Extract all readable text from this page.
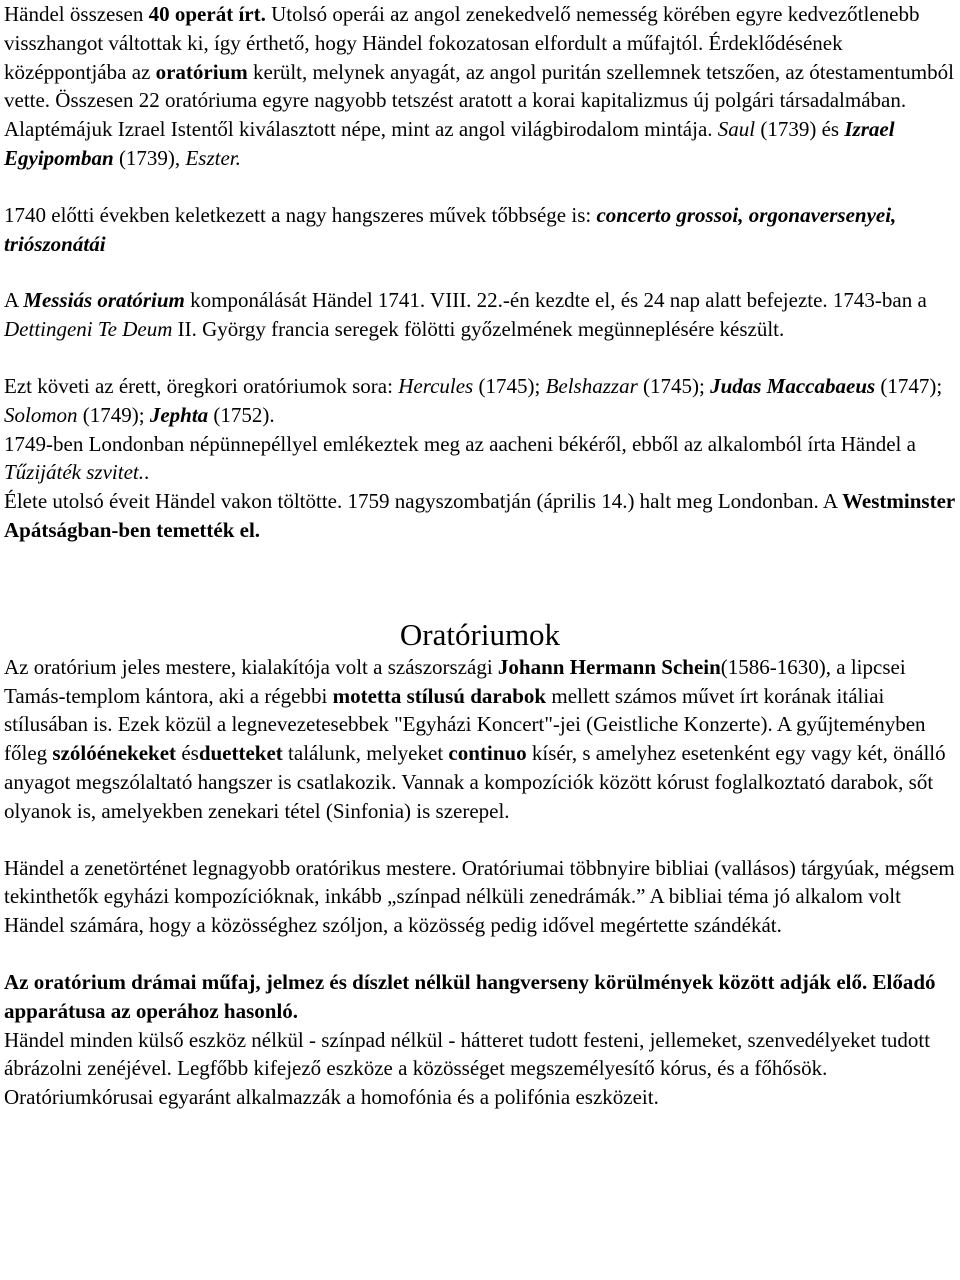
Händel összesen 40 operát írt. Utolsó operái az angol zenekedvelő nemesség körében egyre kedvezőtlenebb visszhangot váltottak ki, így érthető, hogy Händel fokozatosan elfordult a műfajtól. Érdeklődésének középpontjába az oratórium került, melynek anyagát, az angol puritán szellemnek tetszően, az ótestamentumból vette. Összesen 22 oratóriuma egyre nagyobb tetszést aratott a korai kapitalizmus új polgári társadalmában. Alaptémájuk Izrael Istentől kiválasztott népe, mint az angol világbirodalom mintája. Saul (1739) és Izrael Egyipomban (1739), Eszter.

1740 előtti években keletkezett a nagy hangszeres művek tőbbsége is: concerto grossoi, orgonaversenyei, triószonátái

A Messiás oratórium komponálását Händel 1741. VIII. 22.-én kezdte el, és 24 nap alatt befejezte. 1743-ban a Dettingeni Te Deum II. György francia seregek fölötti győzelmének megünneplésére készült.

Ezt követi az érett, öregkori oratóriumok sora: Hercules (1745); Belshazzar (1745); Judas Maccabaeus (1747); Solomon (1749); Jephta (1752).

1749-ben Londonban népünnepéllyel emlékeztek meg az aacheni békéről, ebből az alkalomból írta Händel a Tűzijáték szvitet..

Élete utolsó éveit Händel vakon töltötte. 1759 nagyszombatján (április 14.) halt meg Londonban. A Westminster Apátságban-ben temették el.

Oratóriumok

Az oratórium jeles mestere, kialakítója volt a szászországi Johann Hermann Schein(1586-1630), a lipcsei Tamás-templom kántora, aki a régebbi motetta stílusú darabok mellett számos művet írt korának itáliai stílusában is. Ezek közül a legnevezetesebbek "Egyházi Koncert"-jei (Geistliche Konzerte). A gyűjteményben

főleg szólóénekeket ésduetteket találunk, melyeket continuo kísér, s amelyhez esetenként egy vagy két, önálló anyagot megszólaltató hangszer is csatlakozik. Vannak a kompozíciók között kórust foglalkoztató darabok, sőt olyanok is, amelyekben zenekari tétel (Sinfonia) is szerepel.

Händel a zenetörténet legnagyobb oratórikus mestere. Oratóriumai többnyire bibliai (vallásos) tárgyúak, mégsem tekinthetők egyházi kompozícióknak, inkább „színpad nélküli zenedrámák.” A bibliai téma jó alkalom volt Händel számára, hogy a közösséghez szóljon, a közösség pedig idővel megértette szándékát.

Az oratórium drámai műfaj, jelmez és díszlet nélkül hangverseny körülmények között adják elő. Előadó apparátusa az operához hasonló.

Händel minden külső eszköz nélkül - színpad nélkül - hátteret tudott festeni, jellemeket, szenvedélyeket tudott ábrázolni zenéjével. Legfőbb kifejező eszköze a közösséget megszemélyesítő kórus, és a főhősök. Oratóriumkórusai egyaránt alkalmazzák a homofónia és a polifónia eszközeit.
